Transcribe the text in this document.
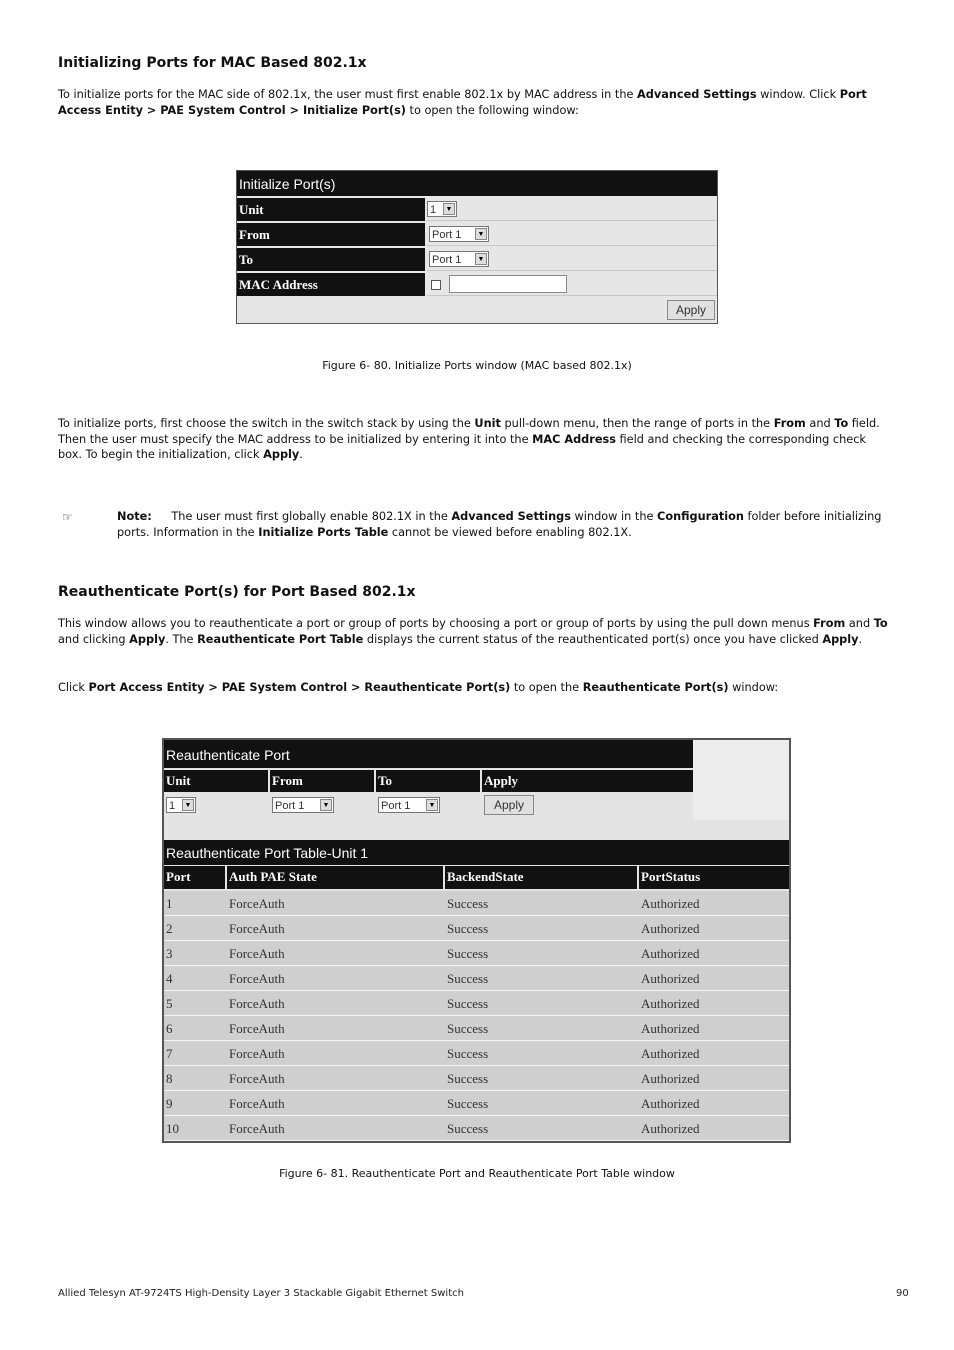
Initializing Ports for MAC Based 802.1x

To initialize ports for the MAC side of 802.1x, the user must first enable 802.1x by MAC address in the Advanced Settings window. Click Port Access Entity > PAE System Control > Initialize Port(s) to open the following window:

Initialize Port(s)
Unit	1	▼
From	Port 1	▼
To	Port 1	▼
MAC Address
Apply
Figure 6- 80. Initialize Ports window (MAC based 802.1x)

To initialize ports, first choose the switch in the switch stack by using the Unit pull-down menu, then the range of ports in the From and To field. Then the user must specify the MAC address to be initialized by entering it into the MAC Address field and checking the corresponding check box. To begin the initialization, click Apply.

☞	Note: The user must first globally enable 802.1X in the Advanced Settings window in the Configuration folder before initializing ports. Information in the Initialize Ports Table cannot be viewed before enabling 802.1X.
Reauthenticate Port(s) for Port Based 802.1x

This window allows you to reauthenticate a port or group of ports by choosing a port or group of ports by using the pull down menus From and To and clicking Apply. The Reauthenticate Port Table displays the current status of the reauthenticated port(s) once you have clicked Apply.

Click Port Access Entity > PAE System Control > Reauthenticate Port(s) to open the Reauthenticate Port(s) window:

Reauthenticate Port
Unit	From	To	Apply
1	▼	Port 1	▼	Port 1	▼	Apply
Reauthenticate Port Table-Unit 1
Port	Auth PAE State	BackendState	PortStatus
1	ForceAuth	Success	Authorized
2	ForceAuth	Success	Authorized
3	ForceAuth	Success	Authorized
4	ForceAuth	Success	Authorized
5	ForceAuth	Success	Authorized
6	ForceAuth	Success	Authorized
7	ForceAuth	Success	Authorized
8	ForceAuth	Success	Authorized
9	ForceAuth	Success	Authorized
10	ForceAuth	Success	Authorized
Figure 6- 81. Reauthenticate Port and Reauthenticate Port Table window
Allied Telesyn AT-9724TS High-Density Layer 3 Stackable Gigabit Ethernet Switch	90
